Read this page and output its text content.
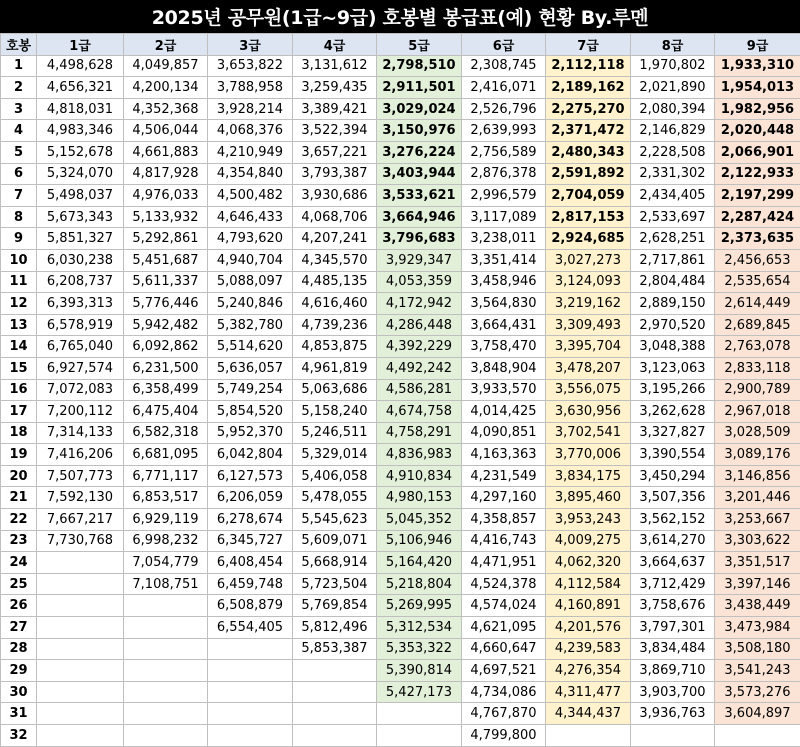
2025년 공무원(1급~9급) 호봉별 봉급표(예) 현황 By.루멘
호봉	1급	2급	3급	4급	5급	6급	7급	8급	9급
1	4,498,628	4,049,857	3,653,822	3,131,612	2,798,510	2,308,745	2,112,118	1,970,802	1,933,310
2	4,656,321	4,200,134	3,788,958	3,259,435	2,911,501	2,416,071	2,189,162	2,021,890	1,954,013
3	4,818,031	4,352,368	3,928,214	3,389,421	3,029,024	2,526,796	2,275,270	2,080,394	1,982,956
4	4,983,346	4,506,044	4,068,376	3,522,394	3,150,976	2,639,993	2,371,472	2,146,829	2,020,448
5	5,152,678	4,661,883	4,210,949	3,657,221	3,276,224	2,756,589	2,480,343	2,228,508	2,066,901
6	5,324,070	4,817,928	4,354,840	3,793,387	3,403,944	2,876,378	2,591,892	2,331,302	2,122,933
7	5,498,037	4,976,033	4,500,482	3,930,686	3,533,621	2,996,579	2,704,059	2,434,405	2,197,299
8	5,673,343	5,133,932	4,646,433	4,068,706	3,664,946	3,117,089	2,817,153	2,533,697	2,287,424
9	5,851,327	5,292,861	4,793,620	4,207,241	3,796,683	3,238,011	2,924,685	2,628,251	2,373,635
10	6,030,238	5,451,687	4,940,704	4,345,570	3,929,347	3,351,414	3,027,273	2,717,861	2,456,653
11	6,208,737	5,611,337	5,088,097	4,485,135	4,053,359	3,458,946	3,124,093	2,804,484	2,535,654
12	6,393,313	5,776,446	5,240,846	4,616,460	4,172,942	3,564,830	3,219,162	2,889,150	2,614,449
13	6,578,919	5,942,482	5,382,780	4,739,236	4,286,448	3,664,431	3,309,493	2,970,520	2,689,845
14	6,765,040	6,092,862	5,514,620	4,853,875	4,392,229	3,758,470	3,395,704	3,048,388	2,763,078
15	6,927,574	6,231,500	5,636,057	4,961,819	4,492,242	3,848,904	3,478,207	3,123,063	2,833,118
16	7,072,083	6,358,499	5,749,254	5,063,686	4,586,281	3,933,570	3,556,075	3,195,266	2,900,789
17	7,200,112	6,475,404	5,854,520	5,158,240	4,674,758	4,014,425	3,630,956	3,262,628	2,967,018
18	7,314,133	6,582,318	5,952,370	5,246,511	4,758,291	4,090,851	3,702,541	3,327,827	3,028,509
19	7,416,206	6,681,095	6,042,804	5,329,014	4,836,983	4,163,363	3,770,006	3,390,554	3,089,176
20	7,507,773	6,771,117	6,127,573	5,406,058	4,910,834	4,231,549	3,834,175	3,450,294	3,146,856
21	7,592,130	6,853,517	6,206,059	5,478,055	4,980,153	4,297,160	3,895,460	3,507,356	3,201,446
22	7,667,217	6,929,119	6,278,674	5,545,623	5,045,352	4,358,857	3,953,243	3,562,152	3,253,667
23	7,730,768	6,998,232	6,345,727	5,609,071	5,106,946	4,416,743	4,009,275	3,614,270	3,303,622
24		7,054,779	6,408,454	5,668,914	5,164,420	4,471,951	4,062,320	3,664,637	3,351,517
25		7,108,751	6,459,748	5,723,504	5,218,804	4,524,378	4,112,584	3,712,429	3,397,146
26			6,508,879	5,769,854	5,269,995	4,574,024	4,160,891	3,758,676	3,438,449
27			6,554,405	5,812,496	5,312,534	4,621,095	4,201,576	3,797,301	3,473,984
28				5,853,387	5,353,322	4,660,647	4,239,583	3,834,484	3,508,180
29					5,390,814	4,697,521	4,276,354	3,869,710	3,541,243
30					5,427,173	4,734,086	4,311,477	3,903,700	3,573,276
31						4,767,870	4,344,437	3,936,763	3,604,897
32						4,799,800			
